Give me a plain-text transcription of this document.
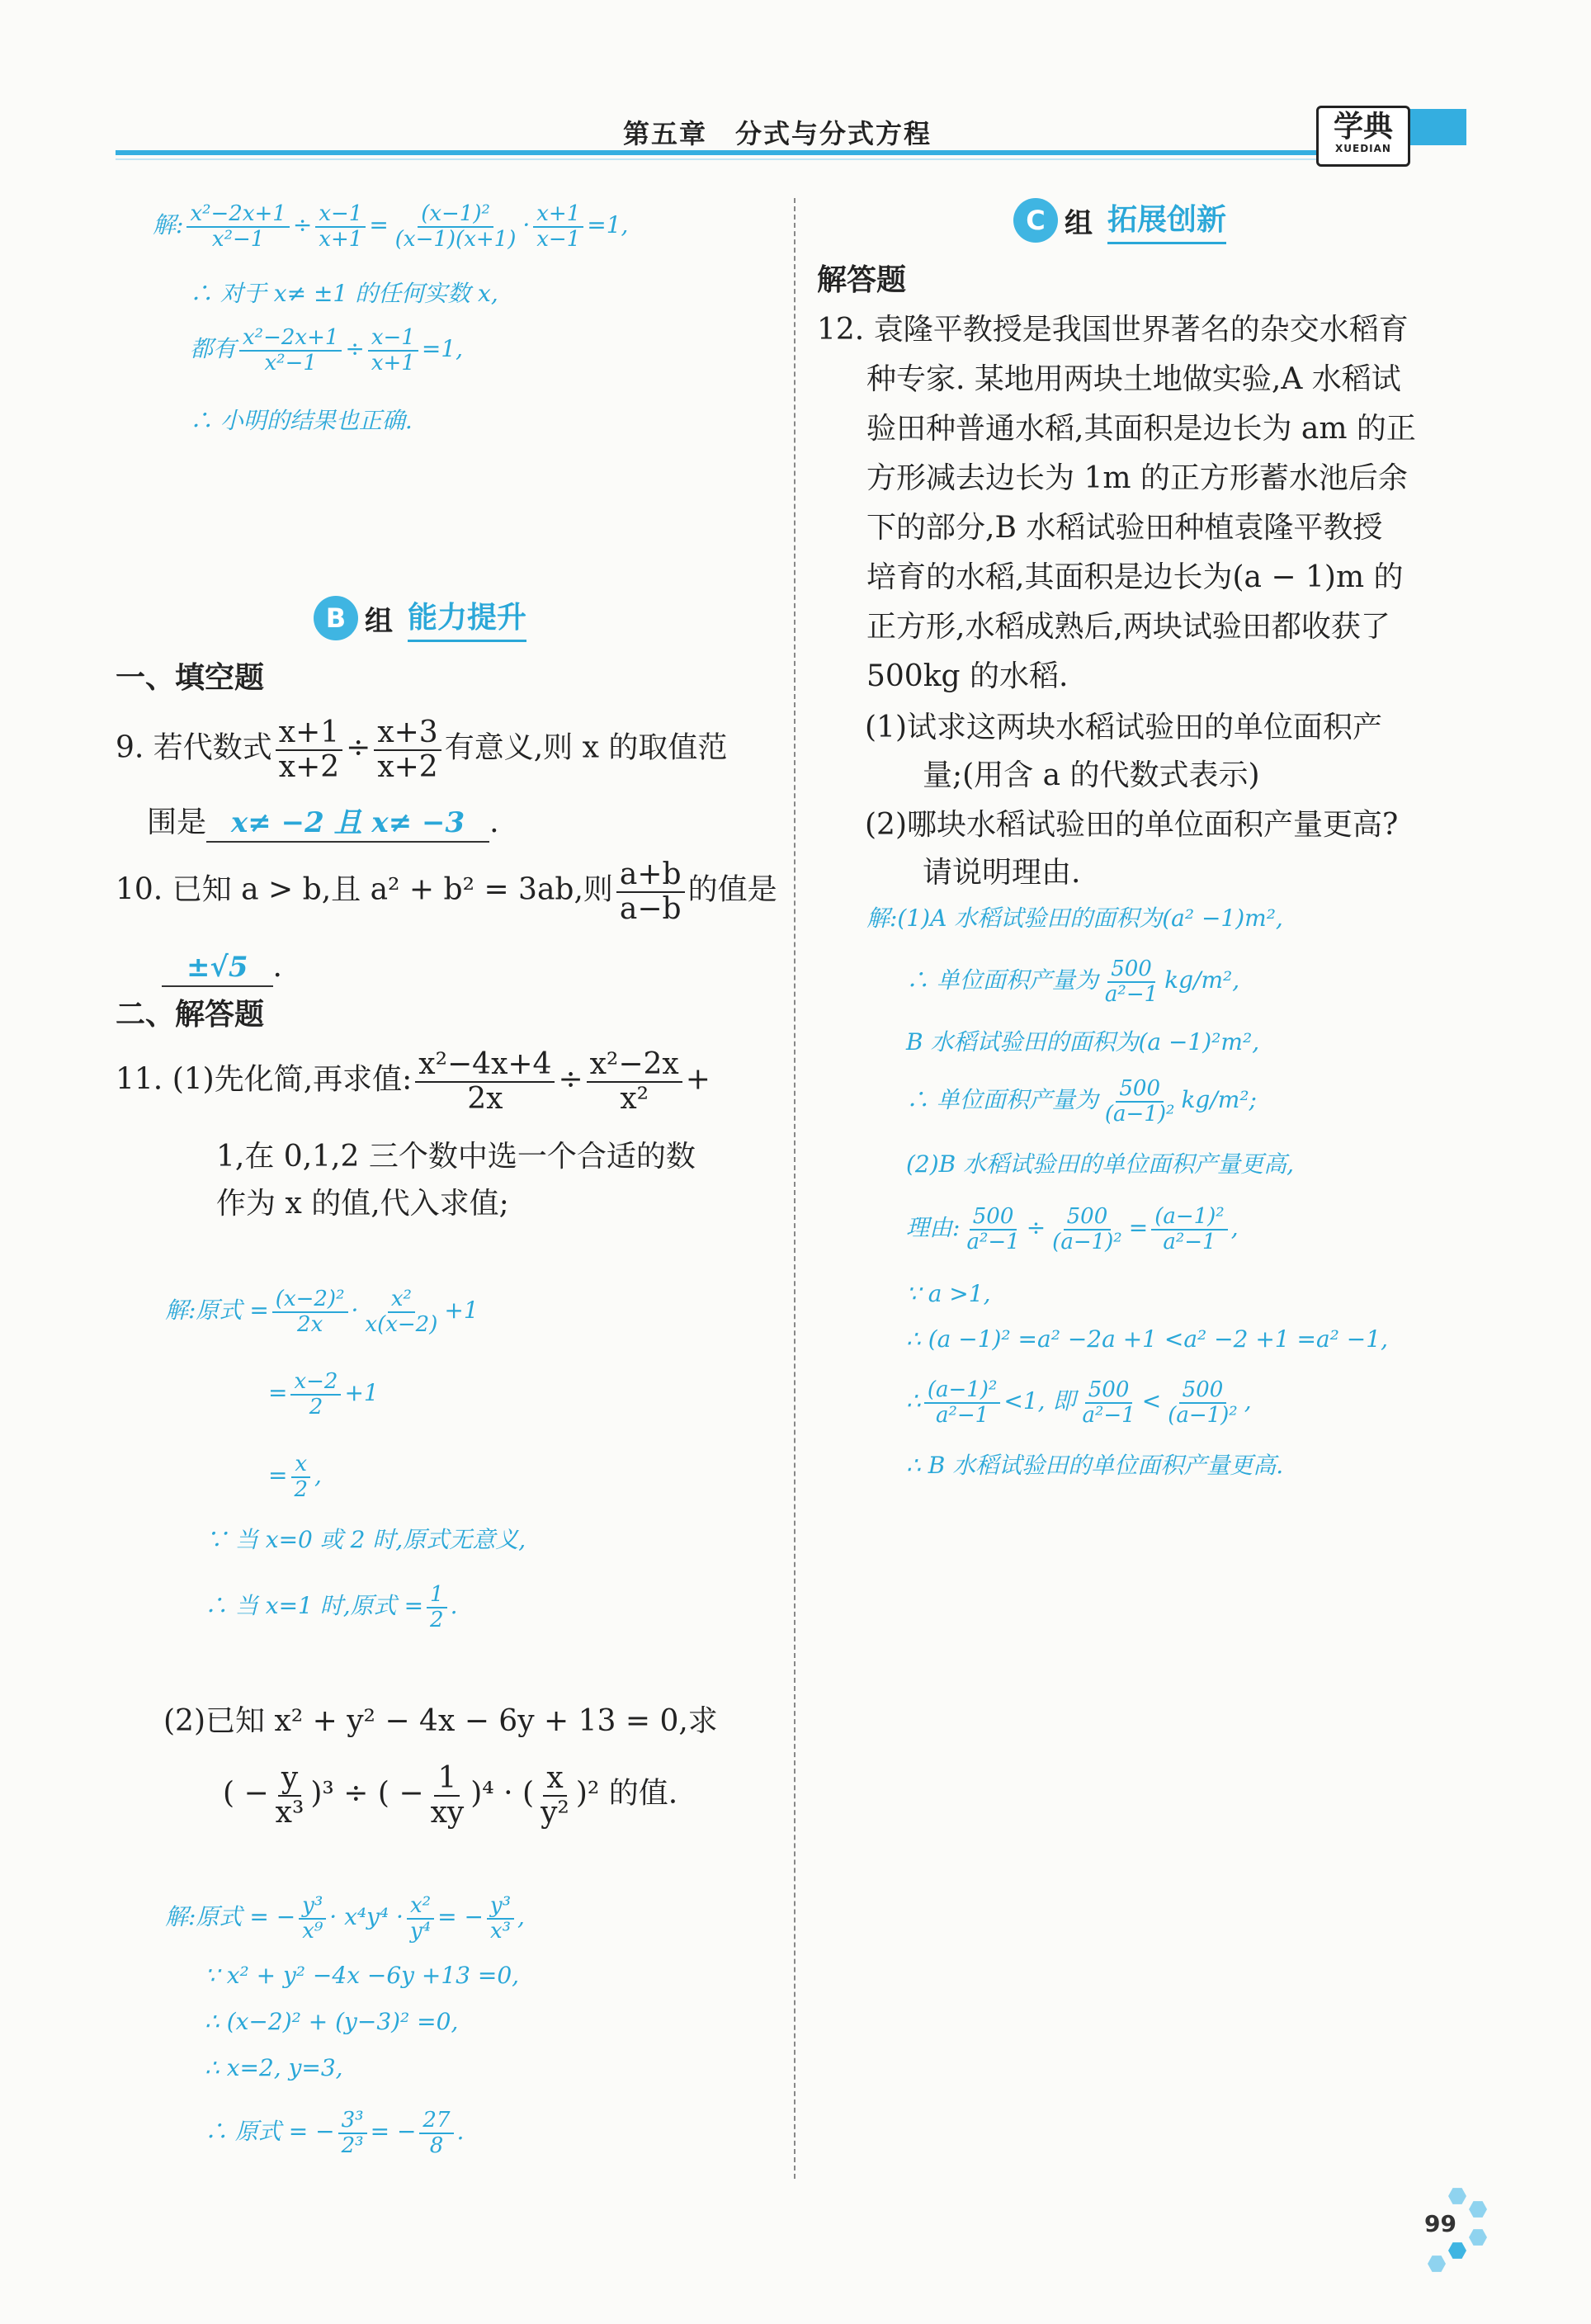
第五章　分式与分式方程	学典
XUEDIAN
解: $\frac{\text{x²−2x+1}}{\text{x²−1}} \div \frac{x-1}{x+1} = \frac{\text{(x−1)²}}{(x-1)(x+1)} \cdot \frac{x+1}{x-1} =1$,
∴ 对于 x≠ ±1 的任何实数 x,
都有 $\frac{\text{x²−2x+1}}{\text{x²−1}} \div \frac{x-1}{x+1} =1$,
∴ 小明的结果也正确.
B 组 能力提升
一、填空题
9. 若代数式 $\frac{x+1}{x+2} \div \frac{x+3}{x+2}$ 有意义,则 x 的取值范
围是 x≠ −2 且 x≠ −3 .
10. 已知 a > b,且 a² + b² = 3ab,则 $\frac{a+b}{a-b}$ 的值是
±√5 .
二、解答题
11. (1)先化简,再求值: $\frac{\text{x²−4x+4}}{2x} \div \frac{\text{x²−2x}}{\text{x²}}$ +
1,在 0,1,2 三个数中选一个合适的数
作为 x 的值,代入求值;
解:原式 = $\frac{\text{(x−2)²}}{2x} \cdot \frac{\text{x²}}{x(x-2)} +1$
= $\frac{x-2}{2} +1$
= $\frac{x}{2}$ ,
∵ 当 x=0 或 2 时,原式无意义,
∴ 当 x=1 时,原式 = $\frac{1}{2}$ .
(2)已知 x² + y² − 4x − 6y + 13 = 0,求
( − $\frac{y}{\text{x³}} )^3$ ÷ ( − $\frac{1}{xy} )^4$ · ( $\frac{x}{\text{y²}} )^2$ 的值.
解:原式 = − $\frac{\text{y³}}{\text{x⁹}} \cdot x^4y^4 \cdot \frac{\text{x²}}{\text{y⁴}}$ = − $\frac{\text{y³}}{\text{x³}}$ ,
∵ x² + y² −4x −6y +13 =0,
∴ (x−2)² + (y−3)² =0,
∴ x=2, y=3,
∴ 原式 = − $\frac{\text{3³}}{\text{2³}}$ = − $\frac{27}{8}$ .
C 组 拓展创新
解答题
12. 袁隆平教授是我国世界著名的杂交水稻育
种专家. 某地用两块土地做实验,A 水稻试
验田种普通水稻,其面积是边长为 am 的正
方形减去边长为 1m 的正方形蓄水池后余
下的部分,B 水稻试验田种植袁隆平教授
培育的水稻,其面积是边长为(a − 1)m 的
正方形,水稻成熟后,两块试验田都收获了
500kg 的水稻.
(1)试求这两块水稻试验田的单位面积产
量;(用含 a 的代数式表示)
(2)哪块水稻试验田的单位面积产量更高?
请说明理由.
解:(1)A 水稻试验田的面积为(a² −1)m²,
∴ 单位面积产量为 $\frac{500}{\text{a²−1}} kg/m^2$,
B 水稻试验田的面积为(a −1)²m²,
∴ 单位面积产量为 $\frac{500}{\text{(a−1)²}} kg/m^2$;
(2)B 水稻试验田的单位面积产量更高,
理由: $\frac{500}{\text{a²−1}} \div \frac{500}{\text{(a−1)²}} = \frac{\text{(a−1)²}}{\text{a²−1}}$ ,
∵ a >1,
∴ (a −1)² =a² −2a +1 <a² −2 +1 =a² −1,
∴ $\frac{\text{(a−1)²}}{\text{a²−1}} <1$, 即 $\frac{500}{\text{a²−1}} < \frac{500}{\text{(a−1)²}}$ ,
∴ B 水稻试验田的单位面积产量更高.
99
